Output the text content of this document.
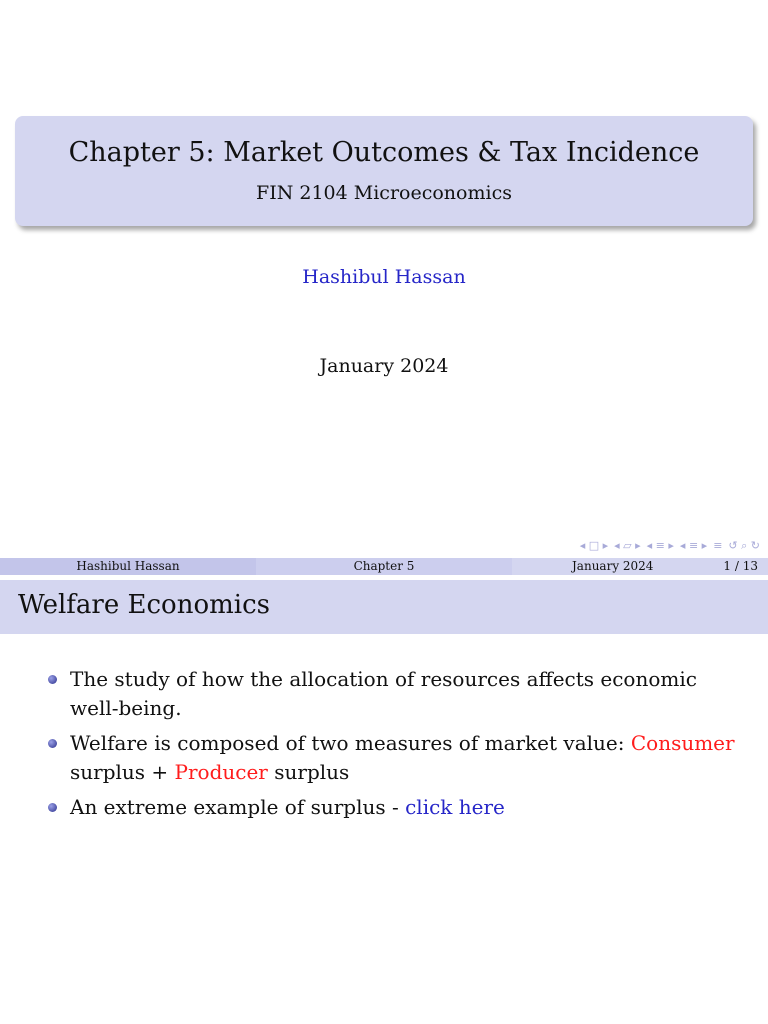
Chapter 5: Market Outcomes & Tax Incidence
FIN 2104 Microeconomics
Hashibul Hassan
January 2024
◂ □ ▸ ◂ ▱ ▸ ◂ ≡ ▸ ◂ ≡ ▸ ≡ ↺ ⌕ ↻
Hashibul Hassan	Chapter 5	January 2024	1 / 13
Welfare Economics
The study of how the allocation of resources affects economic well-being.
Welfare is composed of two measures of market value: Consumer surplus + Producer surplus
An extreme example of surplus - click here
